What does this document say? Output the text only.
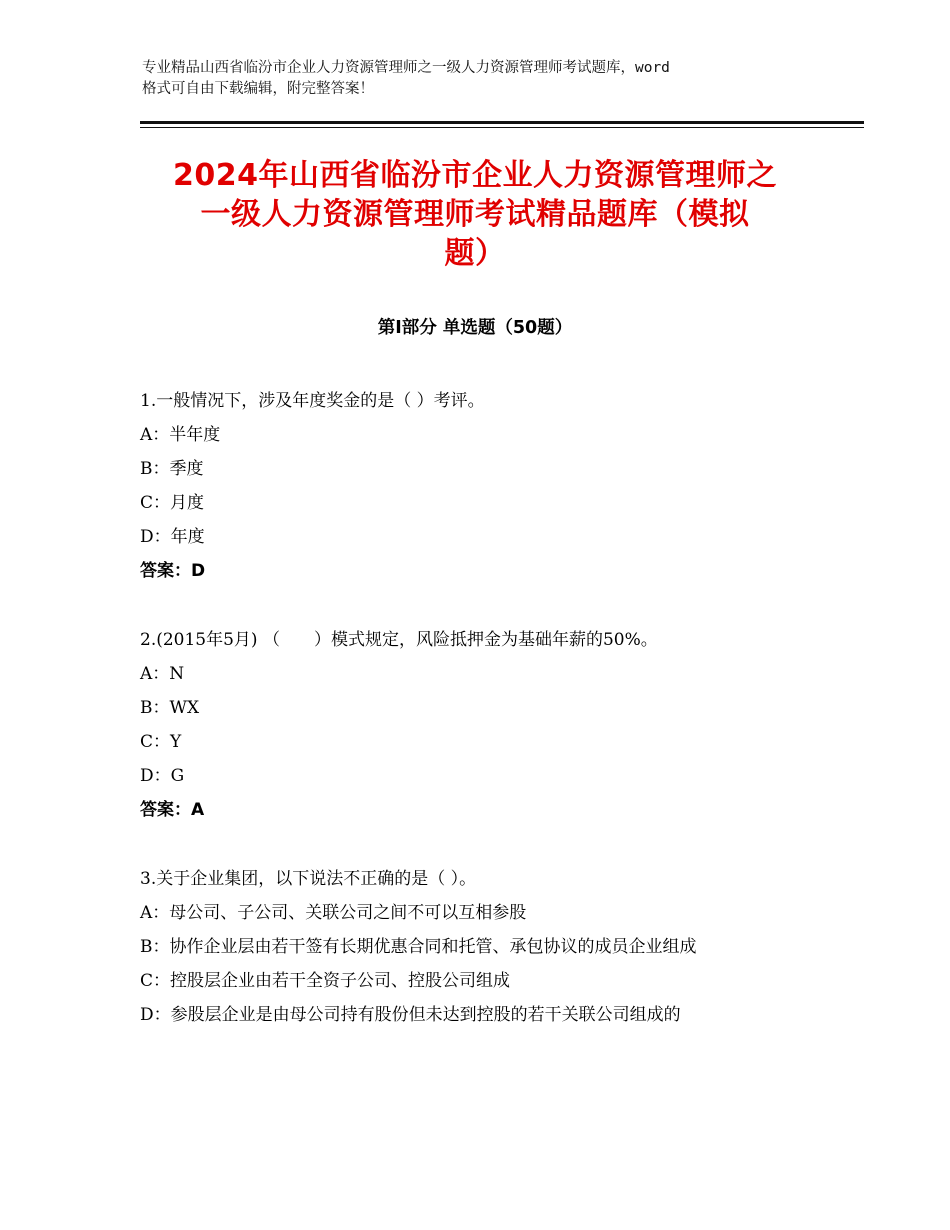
专业精品山西省临汾市企业人力资源管理师之一级人力资源管理师考试题库，word
格式可自由下载编辑，附完整答案！
2024年山西省临汾市企业人力资源管理师之
一级人力资源管理师考试精品题库（模拟
题）
第Ⅰ部分 单选题（50题）
1.一般情况下，涉及年度奖金的是（ ）考评。
A：半年度
B：季度
C：月度
D：年度
答案：D
2.(2015年5月) （　　）模式规定，风险抵押金为基础年薪的50%。
A：N
B：WX
C：Y
D：G
答案：A
3.关于企业集团，以下说法不正确的是（ ）。
A：母公司、子公司、关联公司之间不可以互相参股
B：协作企业层由若干签有长期优惠合同和托管、承包协议的成员企业组成
C：控股层企业由若干全资子公司、控股公司组成
D：参股层企业是由母公司持有股份但未达到控股的若干关联公司组成的
